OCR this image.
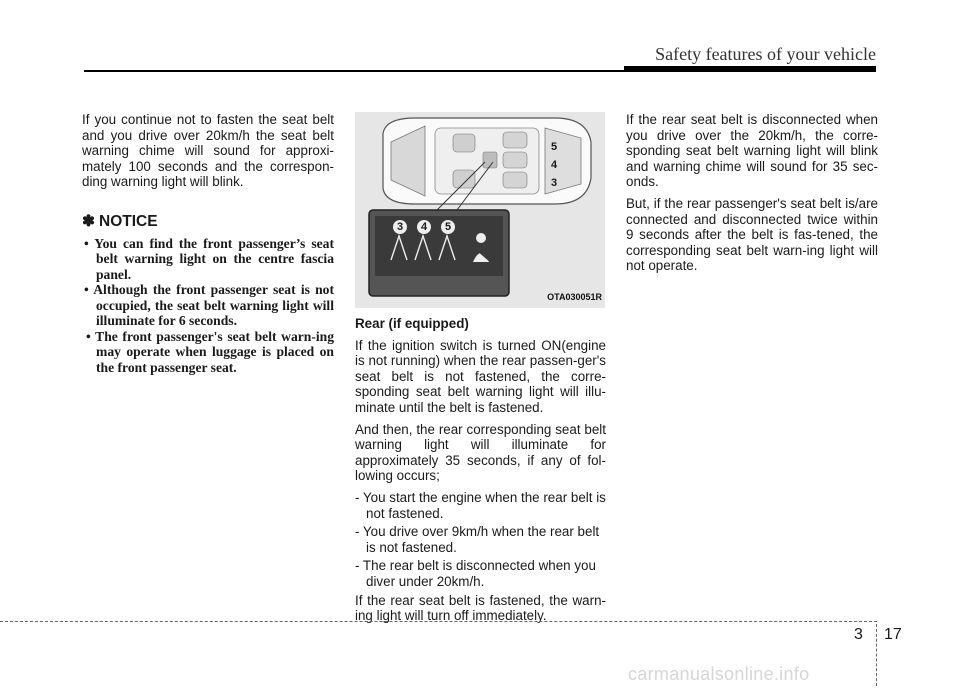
Safety features of your vehicle

If you continue not to fasten the seat belt and you drive over 20km/h the seat belt warning chime will sound for approxi-mately 100 seconds and the correspon-ding warning light will blink.

✽ NOTICE
• You can find the front passenger’s seat belt warning light on the centre fascia panel.
• Although the front passenger seat is not occupied, the seat belt warning light will illuminate for 6 seconds.
• The front passenger's seat belt warn-ing may operate when luggage is placed on the front passenger seat.
5
4
3
3	4	5
OTA030051R

Rear (if equipped)

If the ignition switch is turned ON(engine is not running) when the rear passen-ger's seat belt is not fastened, the corre-sponding seat belt warning light will illu-minate until the belt is fastened.

And then, the rear corresponding seat belt warning light will illuminate for approximately 35 seconds, if any of fol-lowing occurs;

- You start the engine when the rear belt is not fastened.

- You drive over 9km/h when the rear belt is not fastened.

- The rear belt is disconnected when you diver under 20km/h.

If the rear seat belt is fastened, the warn-ing light will turn off immediately.

If the rear seat belt is disconnected when you drive over the 20km/h, the corre-sponding seat belt warning light will blink and warning chime will sound for 35 sec-onds.

But, if the rear passenger's seat belt is/are connected and disconnected twice within 9 seconds after the belt is fas-tened, the corresponding seat belt warn-ing light will not operate.

3 17
carmanualsonline.info
